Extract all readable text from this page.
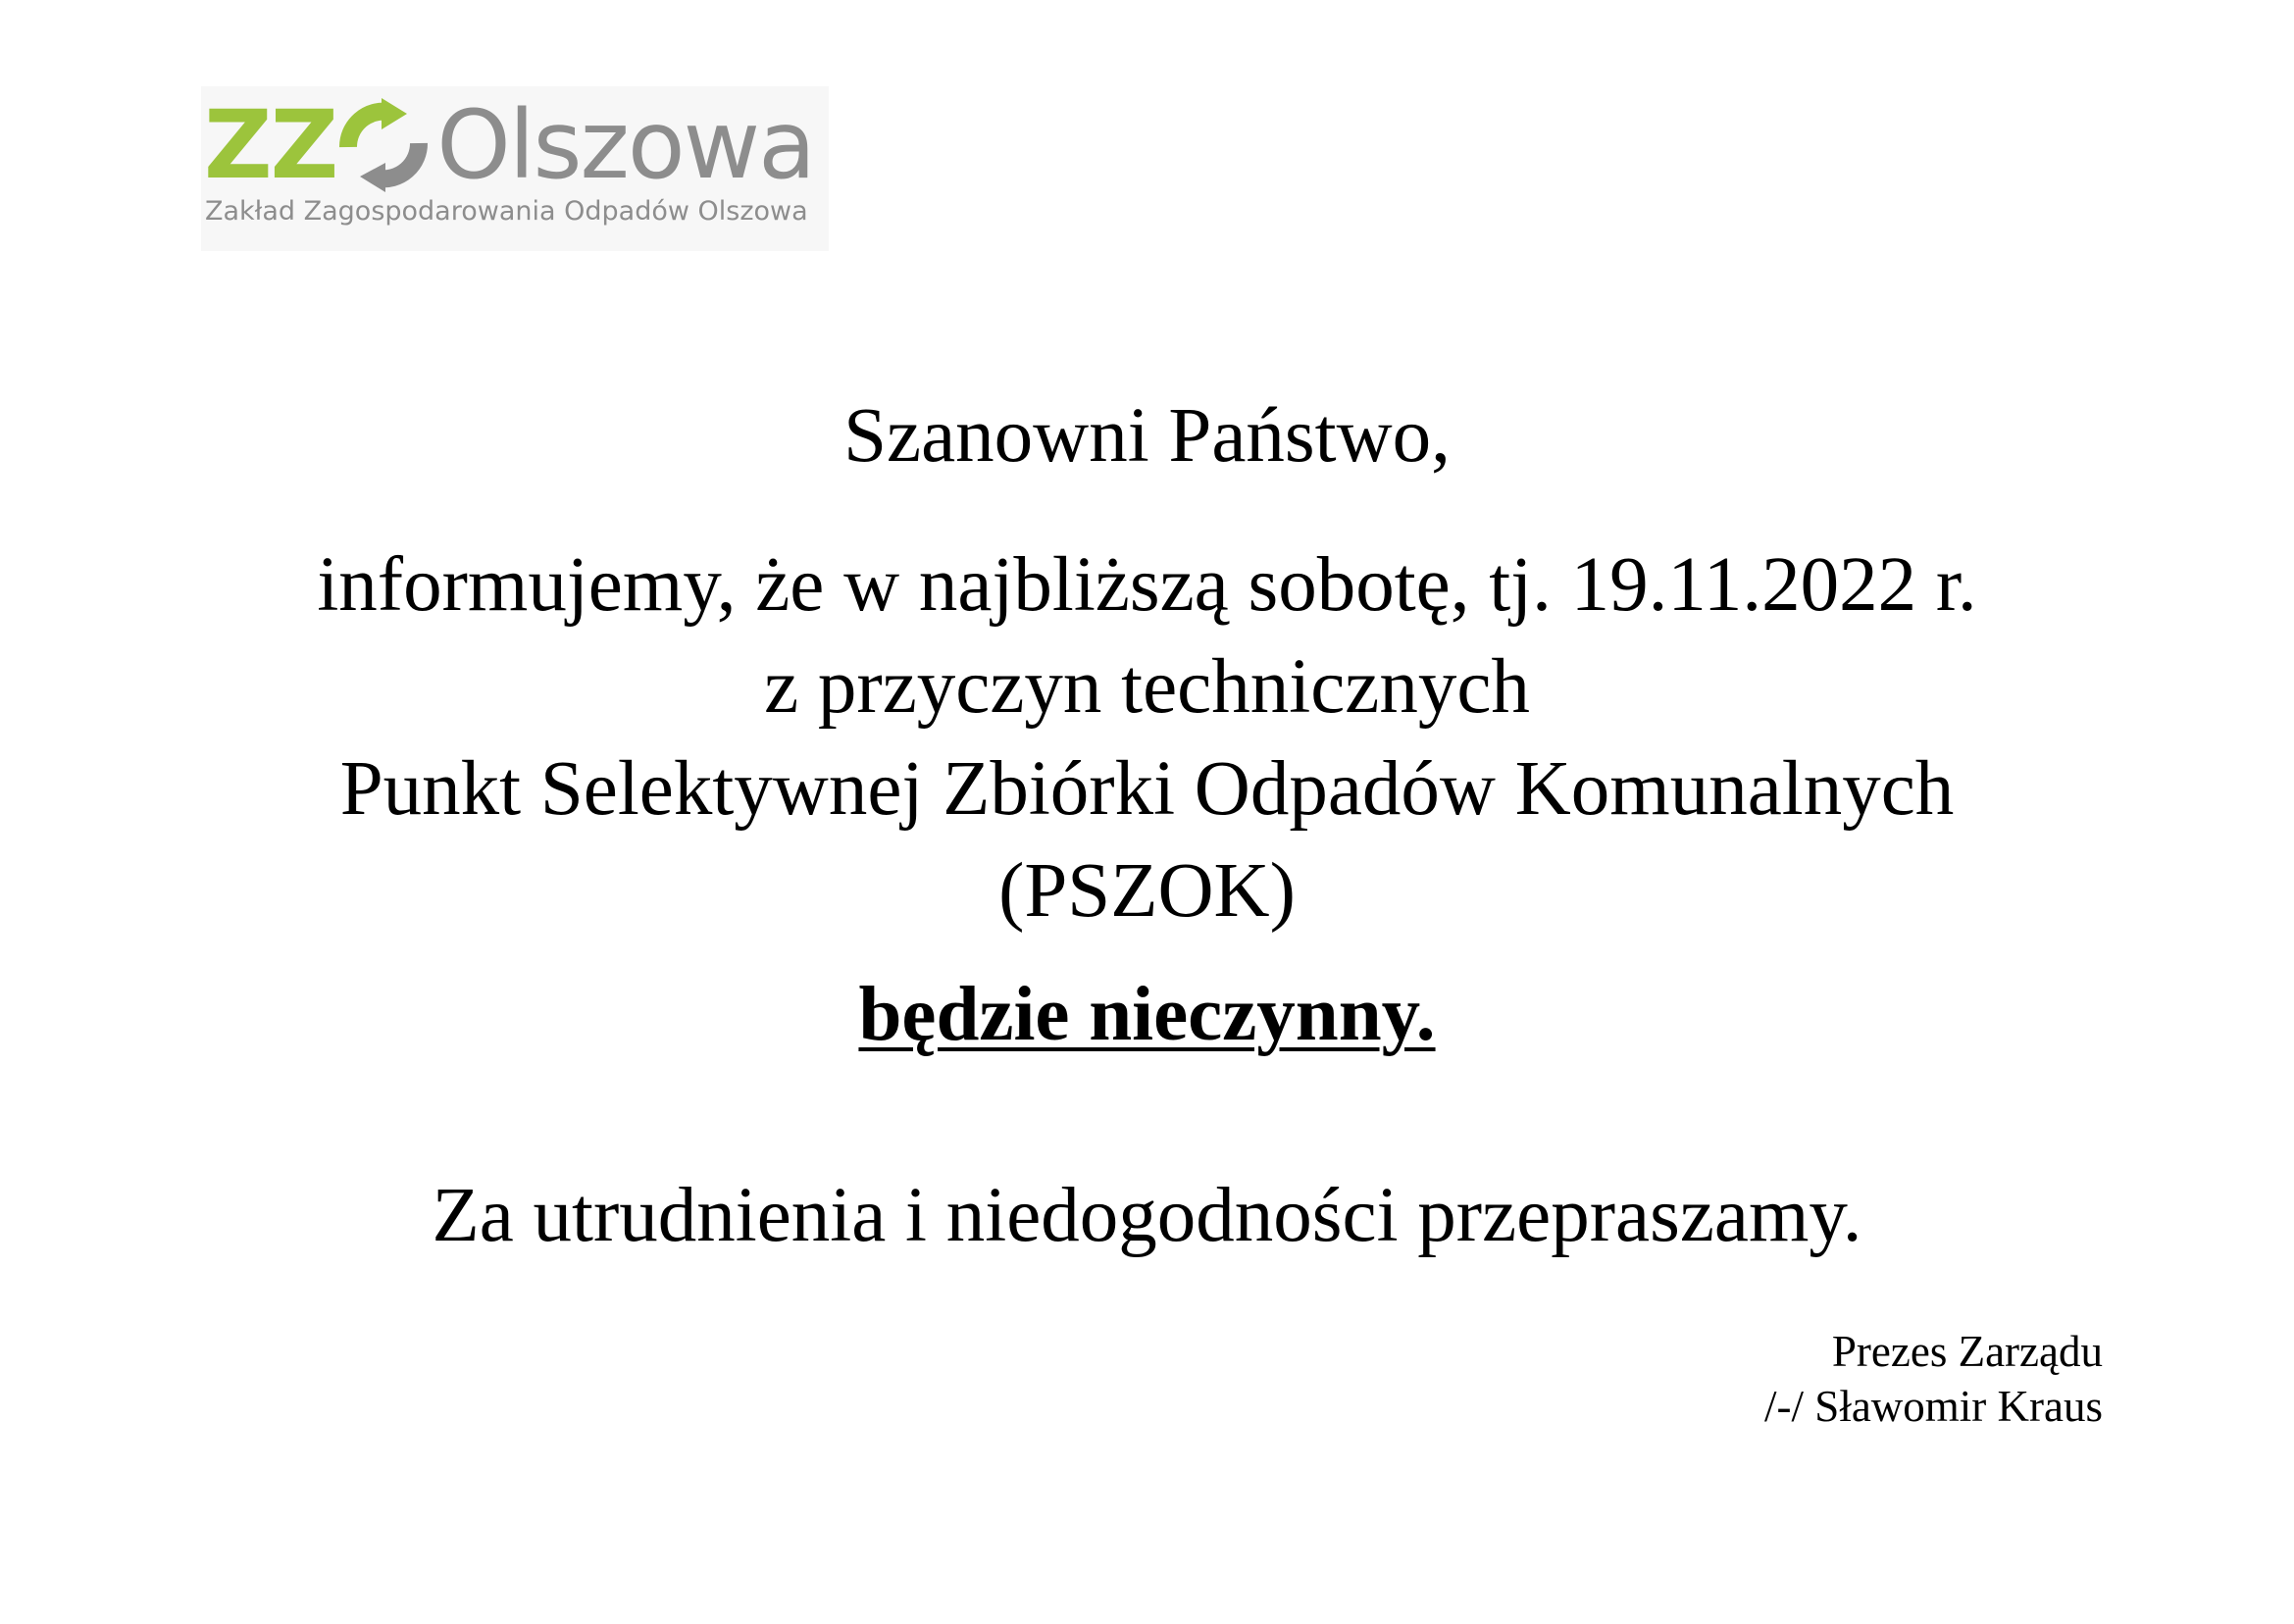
ZZ Olszowa
Zakład Zagospodarowania Odpadów Olszowa
Szanowni Państwo,
informujemy, że w najbliższą sobotę, tj. 19.11.2022 r.
z przyczyn technicznych
Punkt Selektywnej Zbiórki Odpadów Komunalnych
(PSZOK)
będzie nieczynny.
Za utrudnienia i niedogodności przepraszamy.
Prezes Zarządu
/-/ Sławomir Kraus
